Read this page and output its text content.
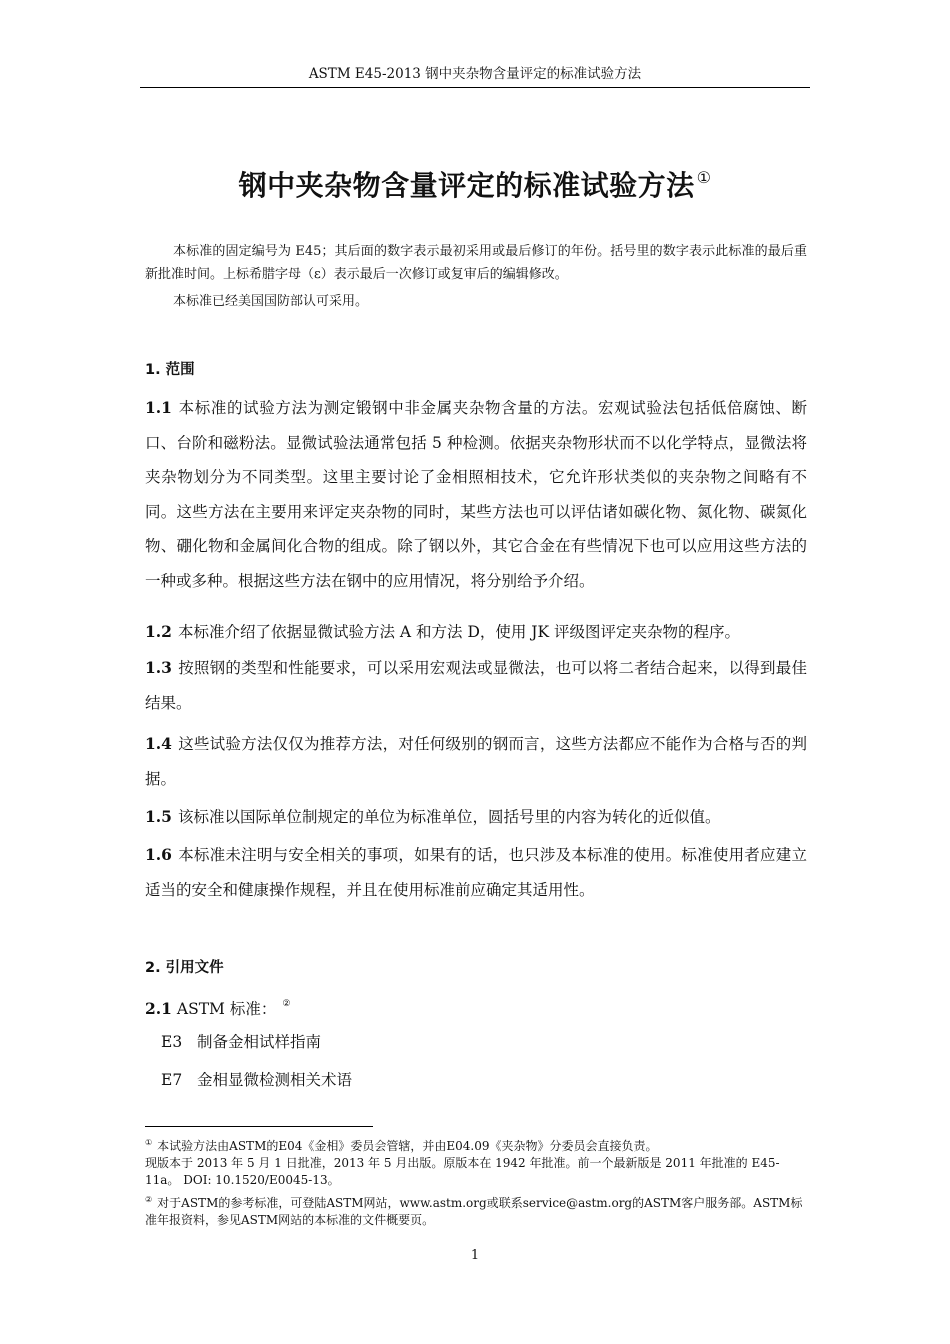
ASTM E45-2013 钢中夹杂物含量评定的标准试验方法
钢中夹杂物含量评定的标准试验方法 ①

本标准的固定编号为 E45；其后面的数字表示最初采用或最后修订的年份。括号里的数字表示此标准的最后重新批准时间。上标希腊字母（ε）表示最后一次修订或复审后的编辑修改。

本标准已经美国国防部认可采用。

1. 范围

1.1 本标准的试验方法为测定锻钢中非金属夹杂物含量的方法。宏观试验法包括低倍腐蚀、断口、台阶和磁粉法。显微试验法通常包括 5 种检测。依据夹杂物形状而不以化学特点，显微法将夹杂物划分为不同类型。这里主要讨论了金相照相技术，它允许形状类似的夹杂物之间略有不同。这些方法在主要用来评定夹杂物的同时，某些方法也可以评估诸如碳化物、氮化物、碳氮化物、硼化物和金属间化合物的组成。除了钢以外，其它合金在有些情况下也可以应用这些方法的一种或多种。根据这些方法在钢中的应用情况，将分别给予介绍。

1.2 本标准介绍了依据显微试验方法 A 和方法 D，使用 JK 评级图评定夹杂物的程序。

1.3 按照钢的类型和性能要求，可以采用宏观法或显微法，也可以将二者结合起来，以得到最佳结果。

1.4 这些试验方法仅仅为推荐方法，对任何级别的钢而言，这些方法都应不能作为合格与否的判据。

1.5 该标准以国际单位制规定的单位为标准单位，圆括号里的内容为转化的近似值。

1.6 本标准未注明与安全相关的事项，如果有的话，也只涉及本标准的使用。标准使用者应建立适当的安全和健康操作规程，并且在使用标准前应确定其适用性。

2. 引用文件

2.1 ASTM 标准： ②

E3 制备金相试样指南

E7 金相显微检测相关术语

① 本试验方法由ASTM的E04《金相》委员会管辖，并由E04.09《夹杂物》分委员会直接负责。

现版本于 2013 年 5 月 1 日批准，2013 年 5 月出版。原版本在 1942 年批准。前一个最新版是 2011 年批准的 E45-11a。 DOI: 10.1520/E0045-13。

② 对于ASTM的参考标准，可登陆ASTM网站，www.astm.org或联系service@astm.org的ASTM客户服务部。ASTM标准年报资料，参见ASTM网站的本标准的文件概要页。

1
